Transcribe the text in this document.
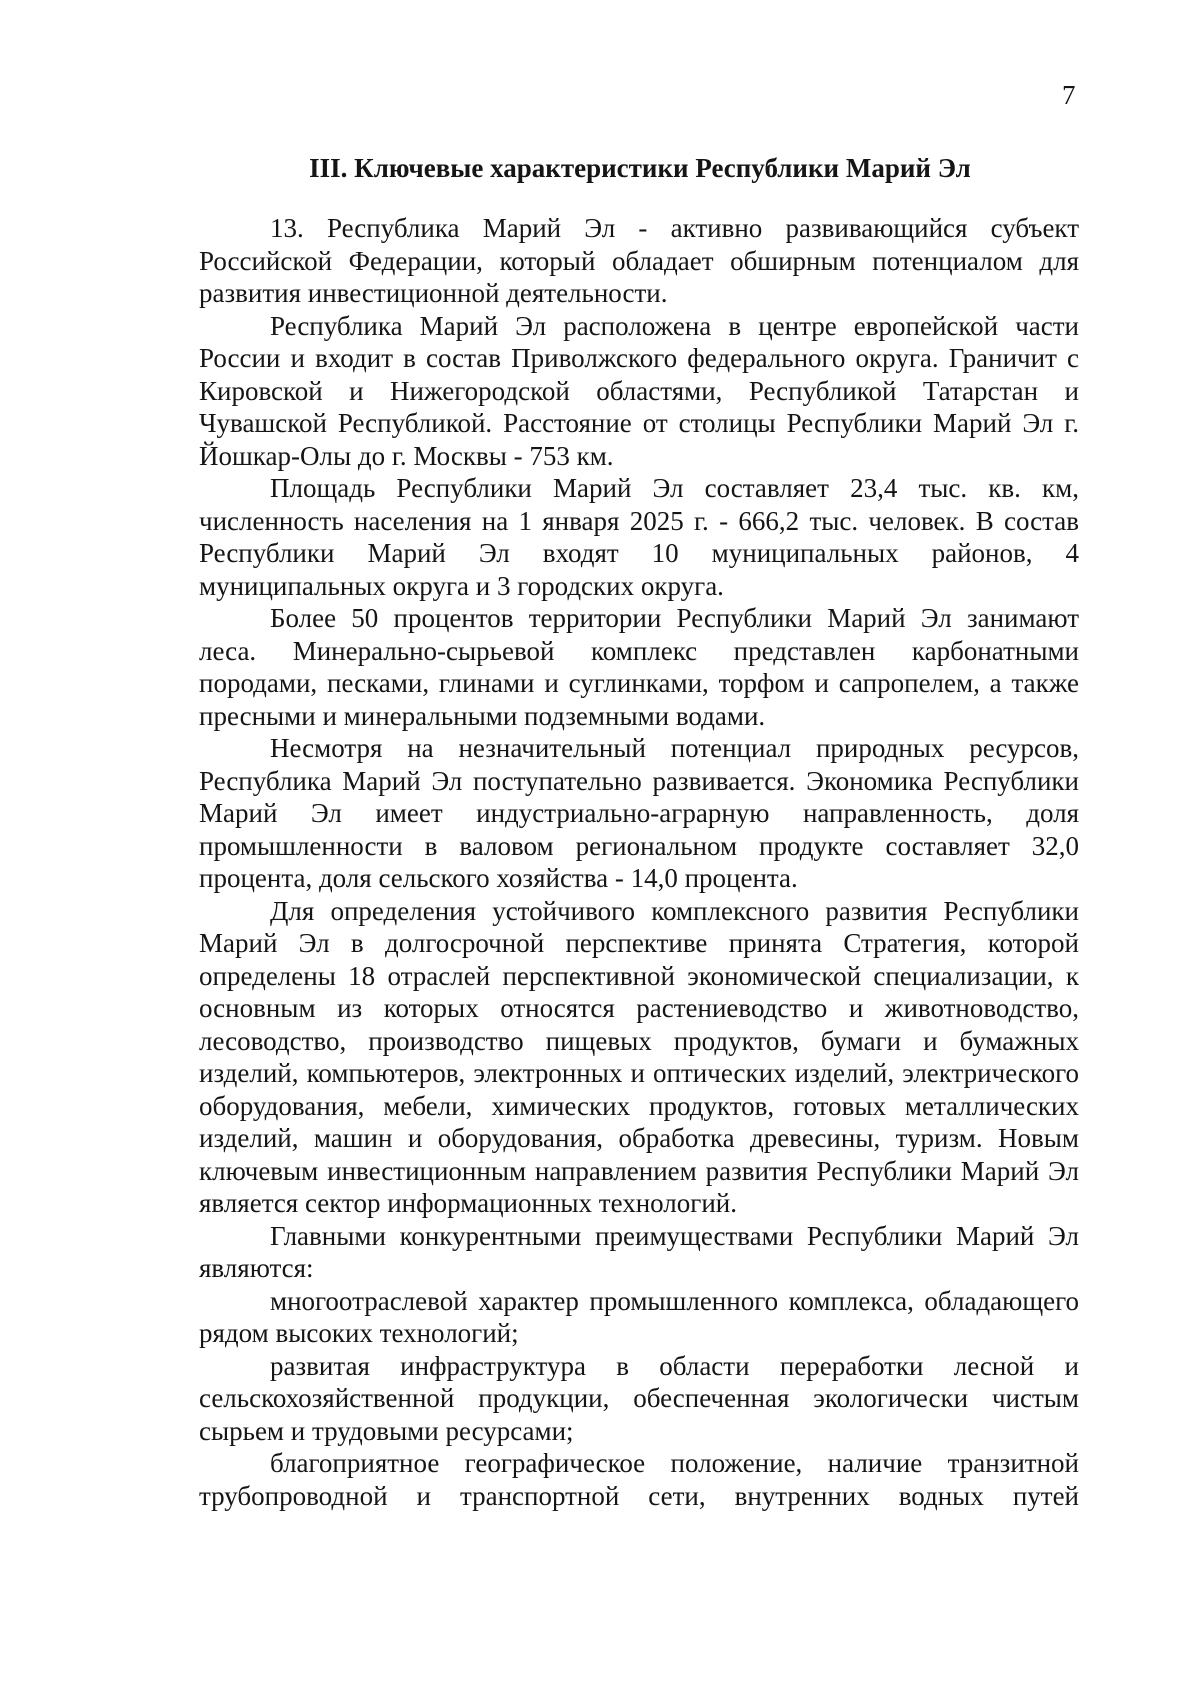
7
III. Ключевые характеристики Республики Марий Эл

13. Республика Марий Эл - активно развивающийся субъект Российской Федерации, который обладает обширным потенциалом для развития инвестиционной деятельности.

Республика Марий Эл расположена в центре европейской части России и входит в состав Приволжского федерального округа. Граничит с Кировской и Нижегородской областями, Республикой Татарстан и Чувашской Республикой. Расстояние от столицы Республики Марий Эл г. Йошкар-Олы до г. Москвы - 753 км.

Площадь Республики Марий Эл составляет 23,4 тыс. кв. км, численность населения на 1 января 2025 г. - 666,2 тыс. человек. В состав Республики Марий Эл входят 10 муниципальных районов, 4 муниципальных округа и 3 городских округа.

Более 50 процентов территории Республики Марий Эл занимают леса. Минерально-сырьевой комплекс представлен карбонатными породами, песками, глинами и суглинками, торфом и сапропелем, а также пресными и минеральными подземными водами.

Несмотря на незначительный потенциал природных ресурсов, Республика Марий Эл поступательно развивается. Экономика Республики Марий Эл имеет индустриально-аграрную направленность, доля промышленности в валовом региональном продукте составляет 32,0 процента, доля сельского хозяйства - 14,0 процента.

Для определения устойчивого комплексного развития Республики Марий Эл в долгосрочной перспективе принята Стратегия, которой определены 18 отраслей перспективной экономической специализации, к основным из которых относятся растениеводство и животноводство, лесоводство, производство пищевых продуктов, бумаги и бумажных изделий, компьютеров, электронных и оптических изделий, электрического оборудования, мебели, химических продуктов, готовых металлических изделий, машин и оборудования, обработка древесины, туризм. Новым ключевым инвестиционным направлением развития Республики Марий Эл является сектор информационных технологий.

Главными конкурентными преимуществами Республики Марий Эл являются:

многоотраслевой характер промышленного комплекса, обладающего рядом высоких технологий;

развитая инфраструктура в области переработки лесной и сельскохозяйственной продукции, обеспеченная экологически чистым сырьем и трудовыми ресурсами;

благоприятное географическое положение, наличие транзитной трубопроводной и транспортной сети, внутренних водных путей
